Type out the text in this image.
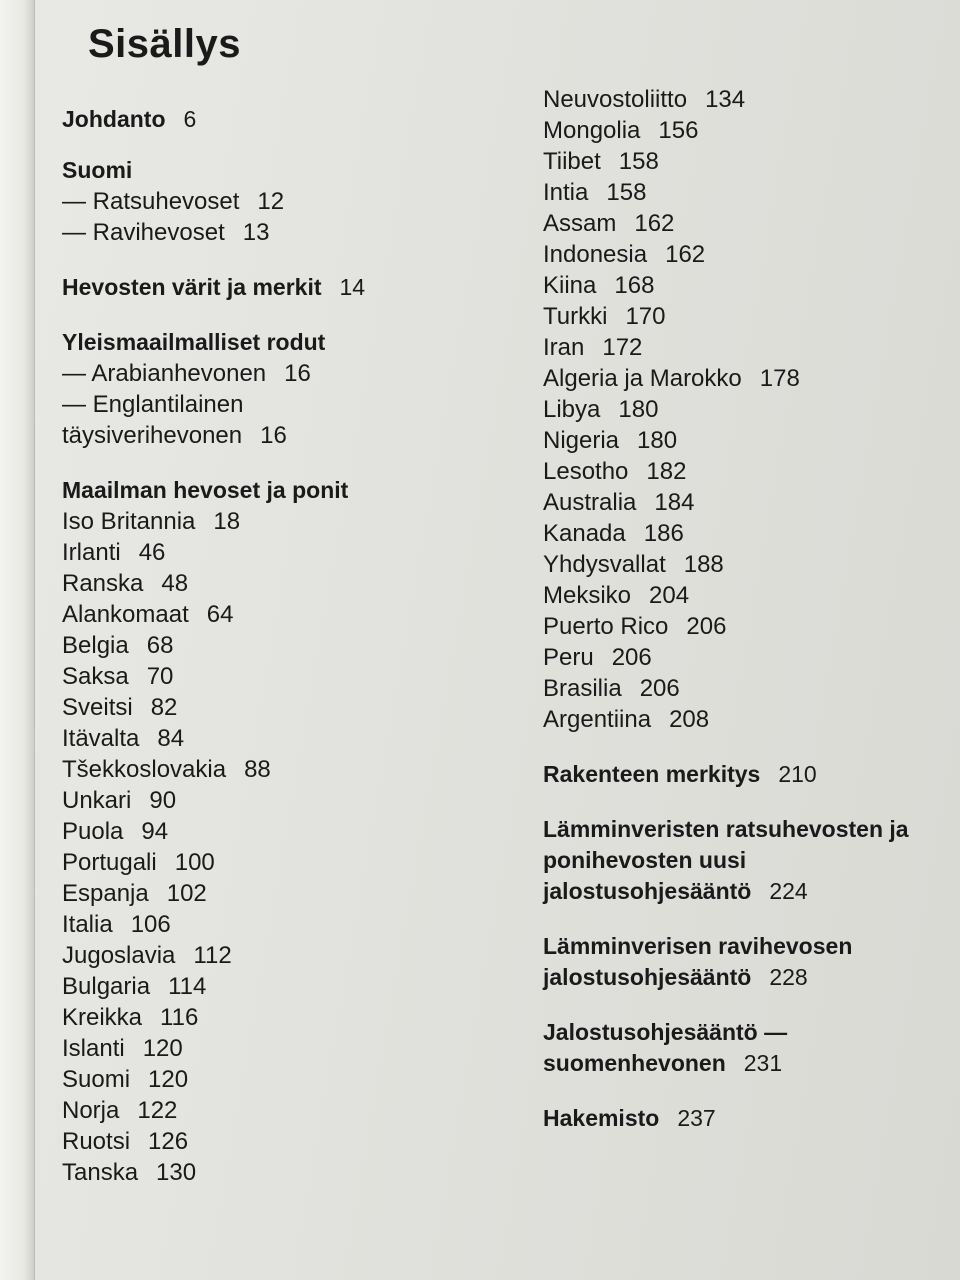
Sisällys
Johdanto 6
Suomi
— Ratsuhevoset 12
— Ravihevoset 13
Hevosten värit ja merkit 14
Yleismaailmalliset rodut
— Arabianhevonen 16
— Englantilainen
täysiverihevonen 16
Maailman hevoset ja ponit
Iso Britannia 18
Irlanti 46
Ranska 48
Alankomaat 64
Belgia 68
Saksa 70
Sveitsi 82
Itävalta 84
Tšekkoslovakia 88
Unkari 90
Puola 94
Portugali 100
Espanja 102
Italia 106
Jugoslavia 112
Bulgaria 114
Kreikka 116
Islanti 120
Suomi 120
Norja 122
Ruotsi 126
Tanska 130
Neuvostoliitto 134
Mongolia 156
Tiibet 158
Intia 158
Assam 162
Indonesia 162
Kiina 168
Turkki 170
Iran 172
Algeria ja Marokko 178
Libya 180
Nigeria 180
Lesotho 182
Australia 184
Kanada 186
Yhdysvallat 188
Meksiko 204
Puerto Rico 206
Peru 206
Brasilia 206
Argentiina 208
Rakenteen merkitys 210
Lämminveristen ratsuhevosten ja
ponihevosten uusi
jalostusohjesääntö 224
Lämminverisen ravihevosen
jalostusohjesääntö 228
Jalostusohjesääntö —
suomenhevonen 231
Hakemisto 237
